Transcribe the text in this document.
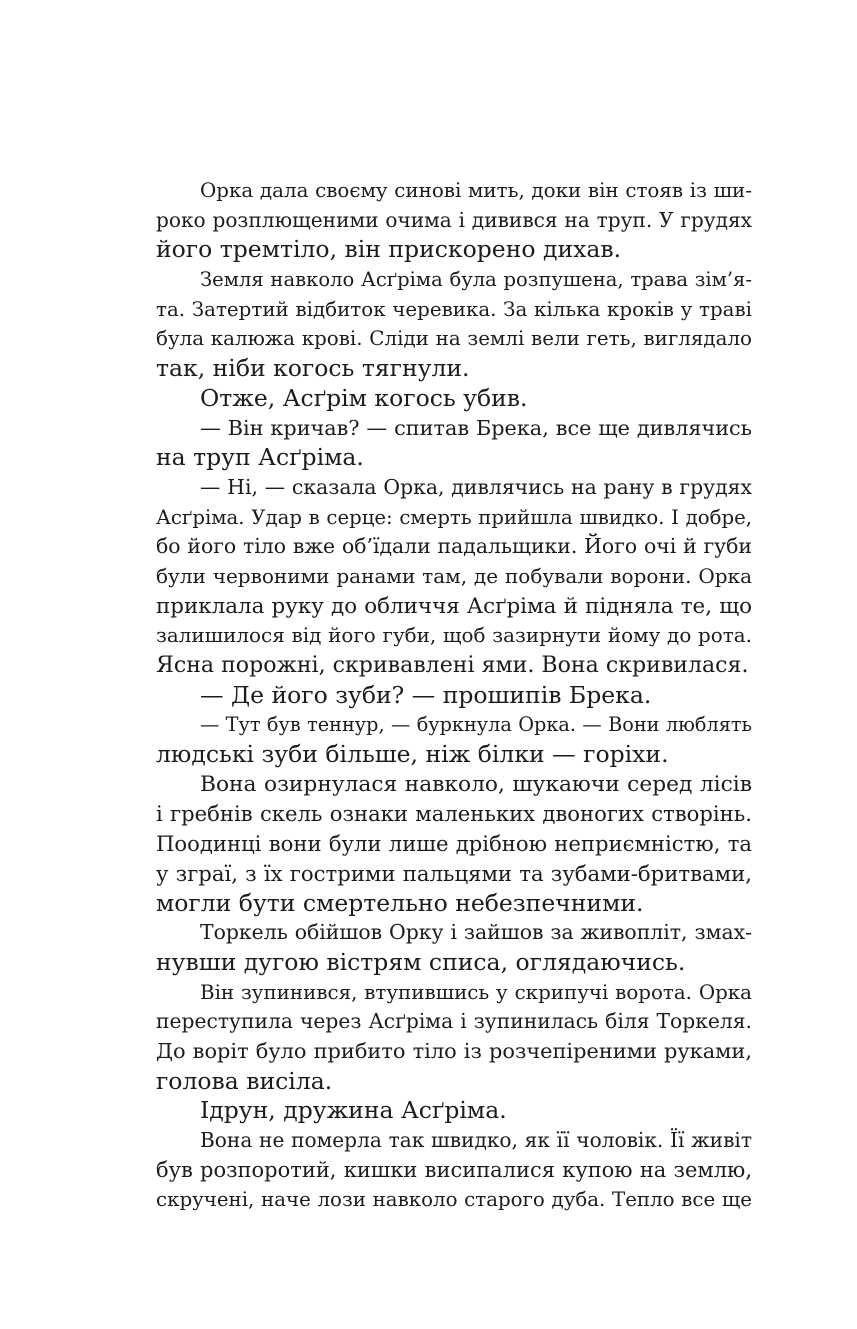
Орка дала своєму синові мить, доки він стояв із ши-
роко розплющеними очима і дивився на труп. У грудях
його тремтіло, він прискорено дихав.
Земля навколо Асґріма була розпушена, трава зім’я-
та. Затертий відбиток черевика. За кілька кроків у траві
була калюжа крові. Сліди на землі вели геть, виглядало
так, ніби когось тягнули.
Отже, Асґрім когось убив.
— Він кричав? — спитав Брека, все ще дивлячись
на труп Асґріма.
— Ні, — сказала Орка, дивлячись на рану в грудях
Асґріма. Удар в серце: смерть прийшла швидко. І добре,
бо його тіло вже об’їдали падальщики. Його очі й губи
були червоними ранами там, де побували ворони. Орка
приклала руку до обличчя Асґріма й підняла те, що
залишилося від його губи, щоб зазирнути йому до рота.
Ясна порожні, скривавлені ями. Вона скривилася.
— Де його зуби? — прошипів Брека.
— Тут був теннур, — буркнула Орка. — Вони люблять
людські зуби більше, ніж білки — горіхи.
Вона озирнулася навколо, шукаючи серед лісів
і гребнів скель ознаки маленьких двоногих створінь.
Поодинці вони були лише дрібною неприємністю, та
у зграї, з їх гострими пальцями та зубами-бритвами,
могли бути смертельно небезпечними.
Торкель обійшов Орку і зайшов за живопліт, змах-
нувши дугою вістрям списа, оглядаючись.
Він зупинився, втупившись у скрипучі ворота. Орка
переступила через Асґріма і зупинилась біля Торкеля.
До воріт було прибито тіло із розчепіреними руками,
голова висіла.
Ідрун, дружина Асґріма.
Вона не померла так швидко, як її чоловік. Її живіт
був розпоротий, кишки висипалися купою на землю,
скручені, наче лози навколо старого дуба. Тепло все ще
